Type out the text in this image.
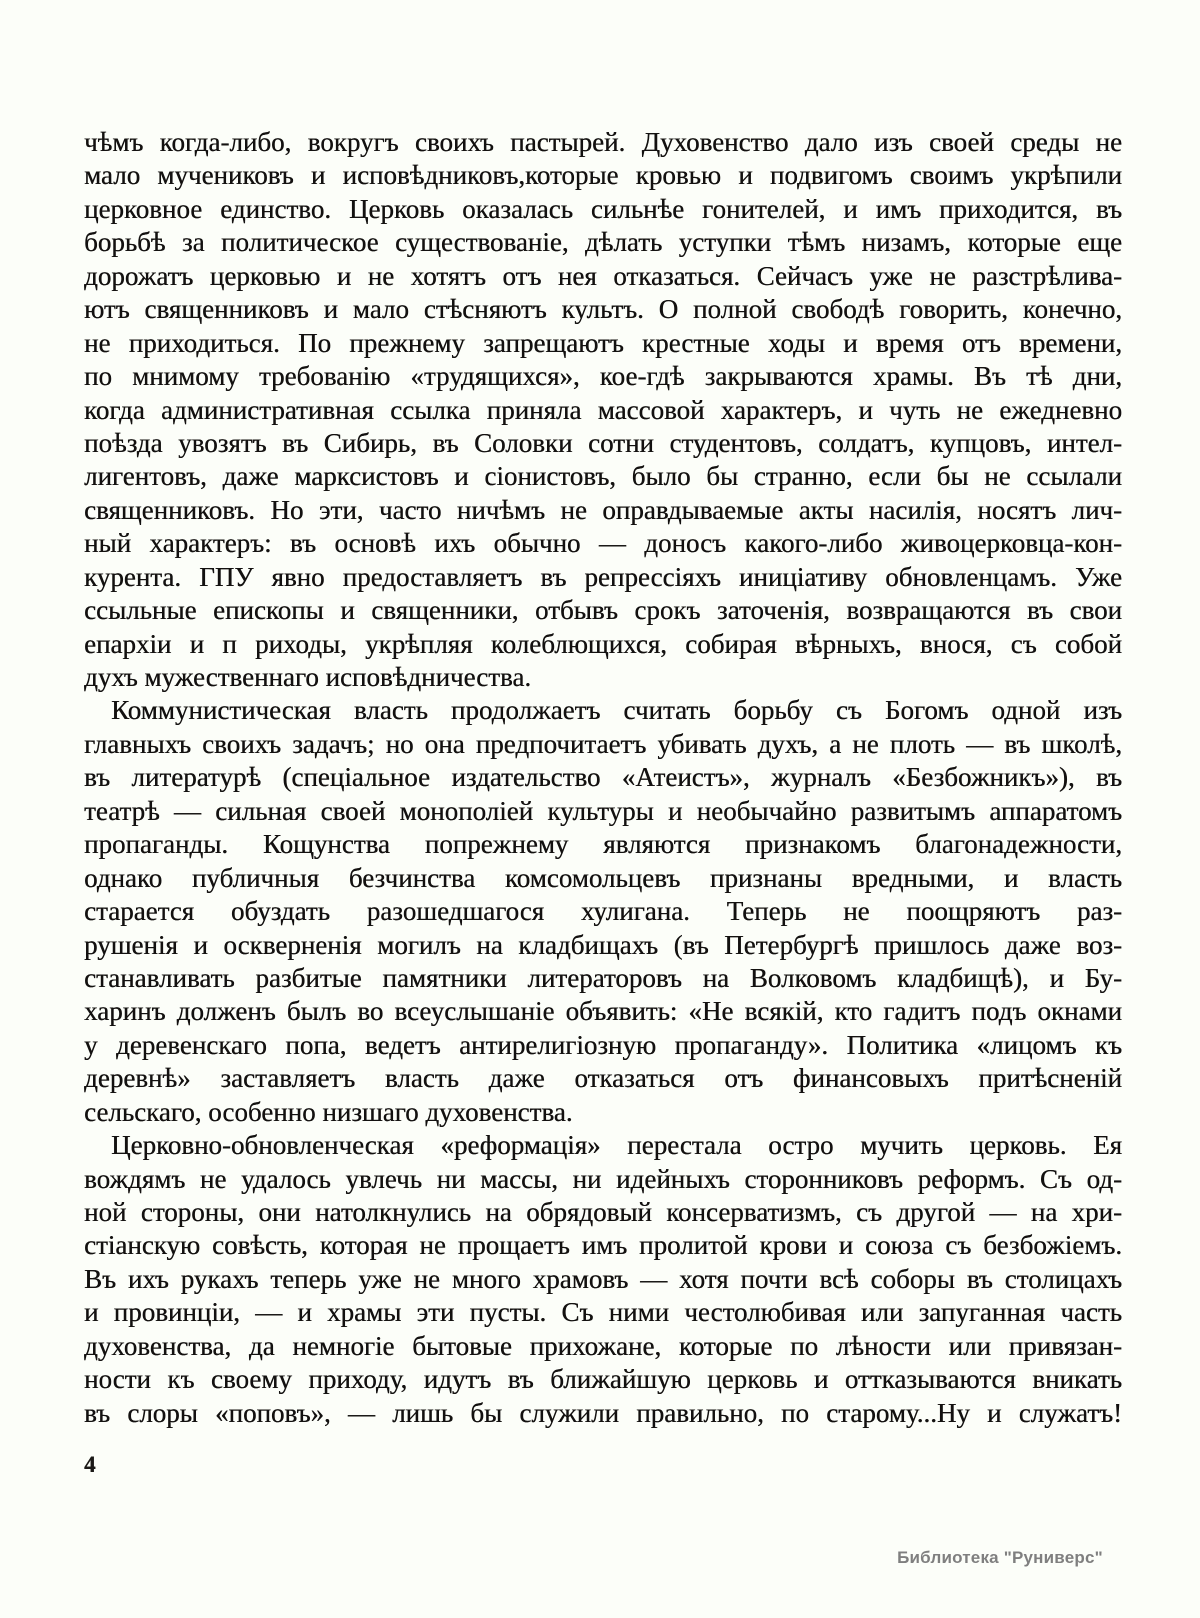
чѣмъ когда-либо, вокругъ своихъ пастырей. Духовенство дало изъ своей среды не
мало мучениковъ и исповѣдниковъ,которые кровью и подвигомъ своимъ укрѣпили
церковное единство. Церковь оказалась сильнѣе гонителей, и имъ приходится, въ
борьбѣ за политическое существованіе, дѣлать уступки тѣмъ низамъ, которые еще
дорожатъ церковью и не хотятъ отъ нея отказаться. Сейчасъ уже не разстрѣлива-
ютъ священниковъ и мало стѣсняютъ культъ. О полной свободѣ говорить, конечно,
не приходиться. По прежнему запрещаютъ крестные ходы и время отъ времени,
по мнимому требованію «трудящихся», кое-гдѣ закрываются храмы. Въ тѣ дни,
когда административная ссылка приняла массовой характеръ, и чуть не ежедневно
поѣзда увозятъ въ Сибирь, въ Соловки сотни студентовъ, солдатъ, купцовъ, интел-
лигентовъ, даже марксистовъ и сіонистовъ, было бы странно, если бы не ссылали
священниковъ. Но эти, часто ничѣмъ не оправдываемые акты насилія, носятъ лич-
ный характеръ: въ основѣ ихъ обычно — доносъ какого-либо живоцерковца-кон-
курента. ГПУ явно предоставляетъ въ репрессіяхъ иниціативу обновленцамъ. Уже
ссыльные епископы и священники, отбывъ срокъ заточенія, возвращаются въ свои
епархіи и п риходы, укрѣпляя колеблющихся, собирая вѣрныхъ, внося, съ собой
духъ мужественнаго исповѣдничества.
Коммунистическая власть продолжаетъ считать борьбу съ Богомъ одной изъ
главныхъ своихъ задачъ; но она предпочитаетъ убивать духъ, а не плоть — въ школѣ,
въ литературѣ (спеціальное издательство «Атеистъ», журналъ «Безбожникъ»), въ
театрѣ — сильная своей монополіей культуры и необычайно развитымъ аппаратомъ
пропаганды. Кощунства попрежнему являются признакомъ благонадежности,
однако публичныя безчинства комсомольцевъ признаны вредными, и власть
старается обуздать разошедшагося хулигана. Теперь не поощряютъ раз-
рушенія и оскверненія могилъ на кладбищахъ (въ Петербургѣ пришлось даже воз-
станавливать разбитые памятники литераторовъ на Волковомъ кладбищѣ), и Бу-
харинъ долженъ былъ во всеуслышаніе объявить: «Не всякій, кто гадитъ подъ окнами
у деревенскаго попа, ведетъ антирелигіозную пропаганду». Политика «лицомъ къ
деревнѣ» заставляетъ власть даже отказаться отъ финансовыхъ притѣсненій
сельскаго, особенно низшаго духовенства.
Церковно-обновленческая «реформація» перестала остро мучить церковь. Ея
вождямъ не удалось увлечь ни массы, ни идейныхъ сторонниковъ реформъ. Съ од-
ной стороны, они натолкнулись на обрядовый консерватизмъ, съ другой — на хри-
стіанскую совѣсть, которая не прощаетъ имъ пролитой крови и союза съ безбожіемъ.
Въ ихъ рукахъ теперь уже не много храмовъ — хотя почти всѣ соборы въ столицахъ
и провинціи, — и храмы эти пусты. Съ ними честолюбивая или запуганная часть
духовенства, да немногіе бытовые прихожане, которые по лѣности или привязан-
ности къ своему приходу, идутъ въ ближайшую церковь и оттказываются вникать
въ слоры «поповъ», — лишь бы служили правильно, по старому...Ну и служатъ!
4
Библиотека "Руниверс"
